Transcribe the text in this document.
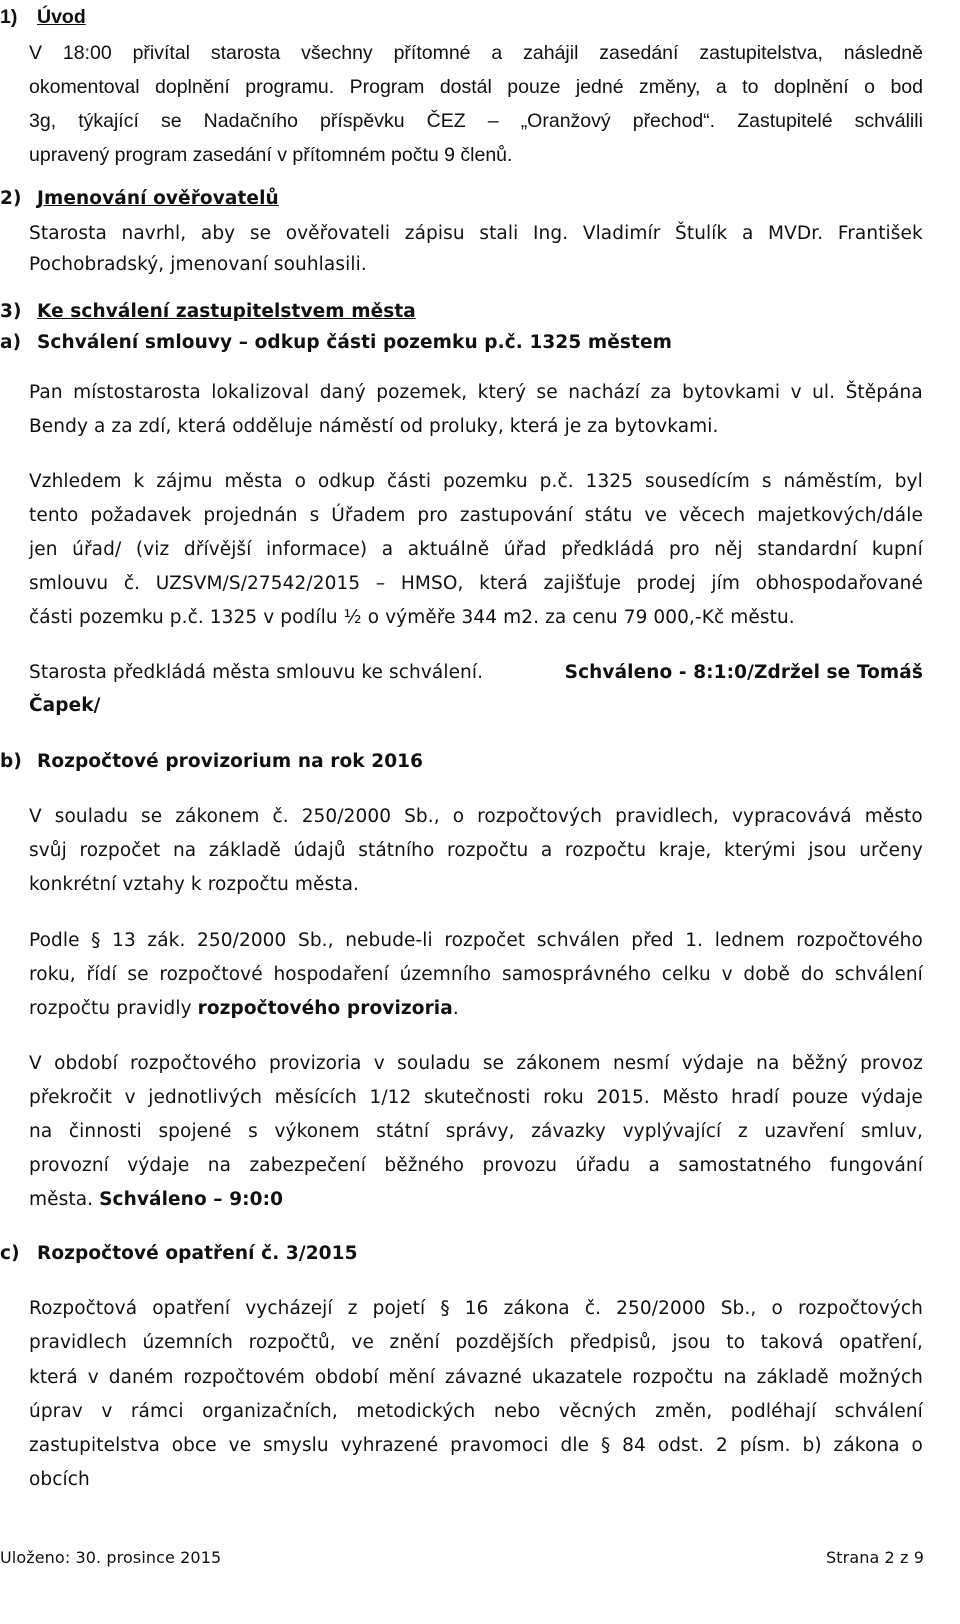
1) Úvod
V 18:00 přivítal starosta všechny přítomné a zahájil zasedání zastupitelstva, následně
okomentoval doplnění programu. Program dostál pouze jedné změny, a to doplnění o bod
3g, týkající se Nadačního příspěvku ČEZ – „Oranžový přechod“. Zastupitelé schválili
upravený program zasedání v přítomném počtu 9 členů.
2) Jmenování ověřovatelů
Starosta navrhl, aby se ověřovateli zápisu stali Ing. Vladimír Štulík a MVDr. František
Pochobradský, jmenovaní souhlasili.
3) Ke schválení zastupitelstvem města
a) Schválení smlouvy – odkup části pozemku p.č. 1325 městem
Pan místostarosta lokalizoval daný pozemek, který se nachází za bytovkami v ul. Štěpána
Bendy a za zdí, která odděluje náměstí od proluky, která je za bytovkami.
Vzhledem k zájmu města o odkup části pozemku p.č. 1325 sousedícím s náměstím, byl
tento požadavek projednán s Úřadem pro zastupování státu ve věcech majetkových/dále
jen úřad/ (viz dřívější informace) a aktuálně úřad předkládá pro něj standardní kupní
smlouvu č. UZSVM/S/27542/2015 – HMSO, která zajišťuje prodej jím obhospodařované
části pozemku p.č. 1325 v podílu ½ o výměře 344 m2. za cenu 79 000,-Kč městu.
Starosta předkládá města smlouvu ke schválení.	Schváleno - 8:1:0/Zdržel se Tomáš
Čapek/
b) Rozpočtové provizorium na rok 2016
V souladu se zákonem č. 250/2000 Sb., o rozpočtových pravidlech, vypracovává město
svůj rozpočet na základě údajů státního rozpočtu a rozpočtu kraje, kterými jsou určeny
konkrétní vztahy k rozpočtu města.
Podle § 13 zák. 250/2000 Sb., nebude-li rozpočet schválen před 1. lednem rozpočtového
roku, řídí se rozpočtové hospodaření územního samosprávného celku v době do schválení
rozpočtu pravidly rozpočtového provizoria.
V období rozpočtového provizoria v souladu se zákonem nesmí výdaje na běžný provoz
překročit v jednotlivých měsících 1/12 skutečnosti roku 2015. Město hradí pouze výdaje
na činnosti spojené s výkonem státní správy, závazky vyplývající z uzavření smluv,
provozní výdaje na zabezpečení běžného provozu úřadu a samostatného fungování
města. Schváleno – 9:0:0
c) Rozpočtové opatření č. 3/2015
Rozpočtová opatření vycházejí z pojetí § 16 zákona č. 250/2000 Sb., o rozpočtových
pravidlech územních rozpočtů, ve znění pozdějších předpisů, jsou to taková opatření,
která v daném rozpočtovém období mění závazné ukazatele rozpočtu na základě možných
úprav v rámci organizačních, metodických nebo věcných změn, podléhají schválení
zastupitelstva obce ve smyslu vyhrazené pravomoci dle § 84 odst. 2 písm. b) zákona o
obcích
Uloženo: 30. prosince 2015	Strana 2 z 9
